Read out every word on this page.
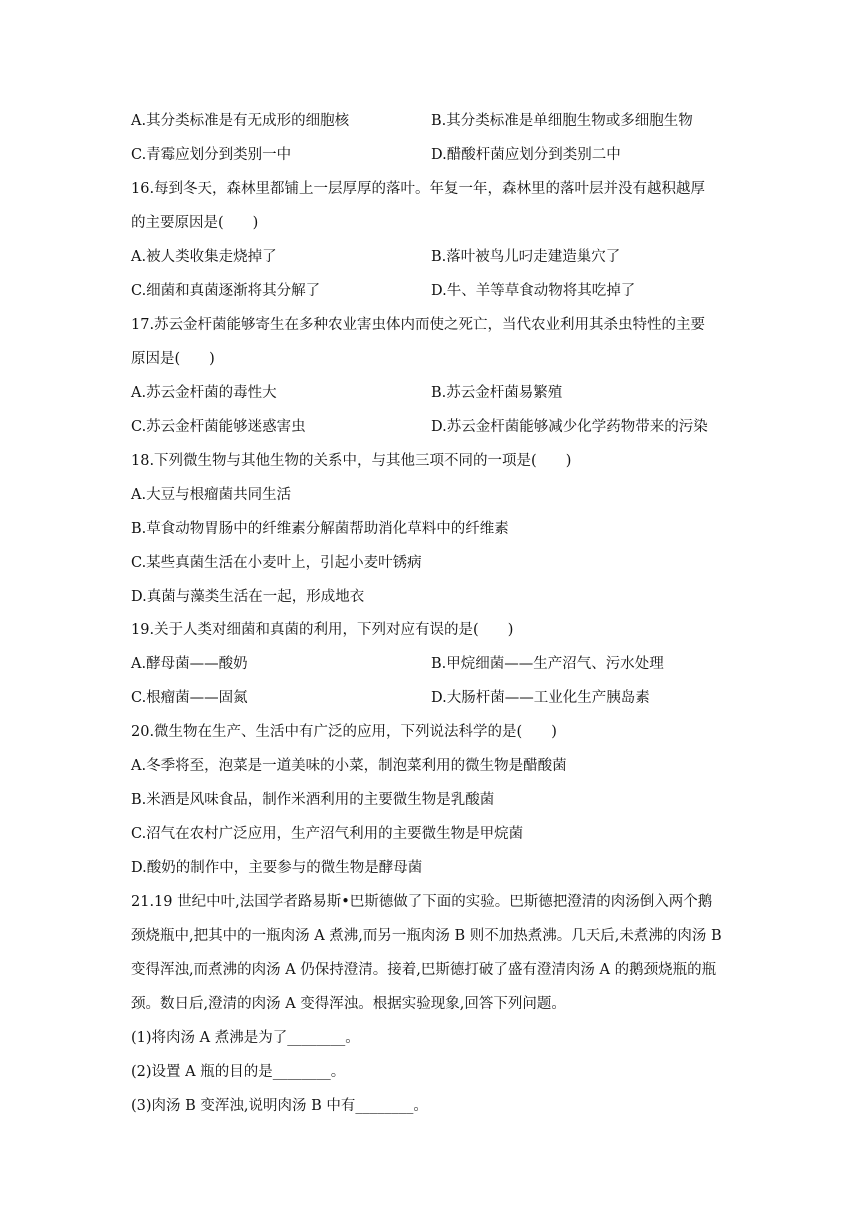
A.其分类标准是有无成形的细胞核	B.其分类标准是单细胞生物或多细胞生物
C.青霉应划分到类别一中	D.醋酸杆菌应划分到类别二中
16.每到冬天，森林里都铺上一层厚厚的落叶。年复一年，森林里的落叶层并没有越积越厚
的主要原因是(　　)
A.被人类收集走烧掉了	B.落叶被鸟儿叼走建造巢穴了
C.细菌和真菌逐渐将其分解了	D.牛、羊等草食动物将其吃掉了
17.苏云金杆菌能够寄生在多种农业害虫体内而使之死亡，当代农业利用其杀虫特性的主要
原因是(　　)
A.苏云金杆菌的毒性大	B.苏云金杆菌易繁殖
C.苏云金杆菌能够迷惑害虫	D.苏云金杆菌能够减少化学药物带来的污染
18.下列微生物与其他生物的关系中，与其他三项不同的一项是(　　)
A.大豆与根瘤菌共同生活
B.草食动物胃肠中的纤维素分解菌帮助消化草料中的纤维素
C.某些真菌生活在小麦叶上，引起小麦叶锈病
D.真菌与藻类生活在一起，形成地衣
19.关于人类对细菌和真菌的利用，下列对应有误的是(　　)
A.酵母菌——酸奶	B.甲烷细菌——生产沼气、污水处理
C.根瘤菌——固氮	D.大肠杆菌——工业化生产胰岛素
20.微生物在生产、生活中有广泛的应用，下列说法科学的是(　　)
A.冬季将至，泡菜是一道美味的小菜，制泡菜利用的微生物是醋酸菌
B.米酒是风味食品，制作米酒利用的主要微生物是乳酸菌
C.沼气在农村广泛应用，生产沼气利用的主要微生物是甲烷菌
D.酸奶的制作中，主要参与的微生物是酵母菌
21.19 世纪中叶,法国学者路易斯•巴斯德做了下面的实验。巴斯德把澄清的肉汤倒入两个鹅
颈烧瓶中,把其中的一瓶肉汤 A 煮沸,而另一瓶肉汤 B 则不加热煮沸。几天后,未煮沸的肉汤 B
变得浑浊,而煮沸的肉汤 A 仍保持澄清。接着,巴斯德打破了盛有澄清肉汤 A 的鹅颈烧瓶的瓶
颈。数日后,澄清的肉汤 A 变得浑浊。根据实验现象,回答下列问题。
(1)将肉汤 A 煮沸是为了________。
(2)设置 A 瓶的目的是________。
(3)肉汤 B 变浑浊,说明肉汤 B 中有________。
